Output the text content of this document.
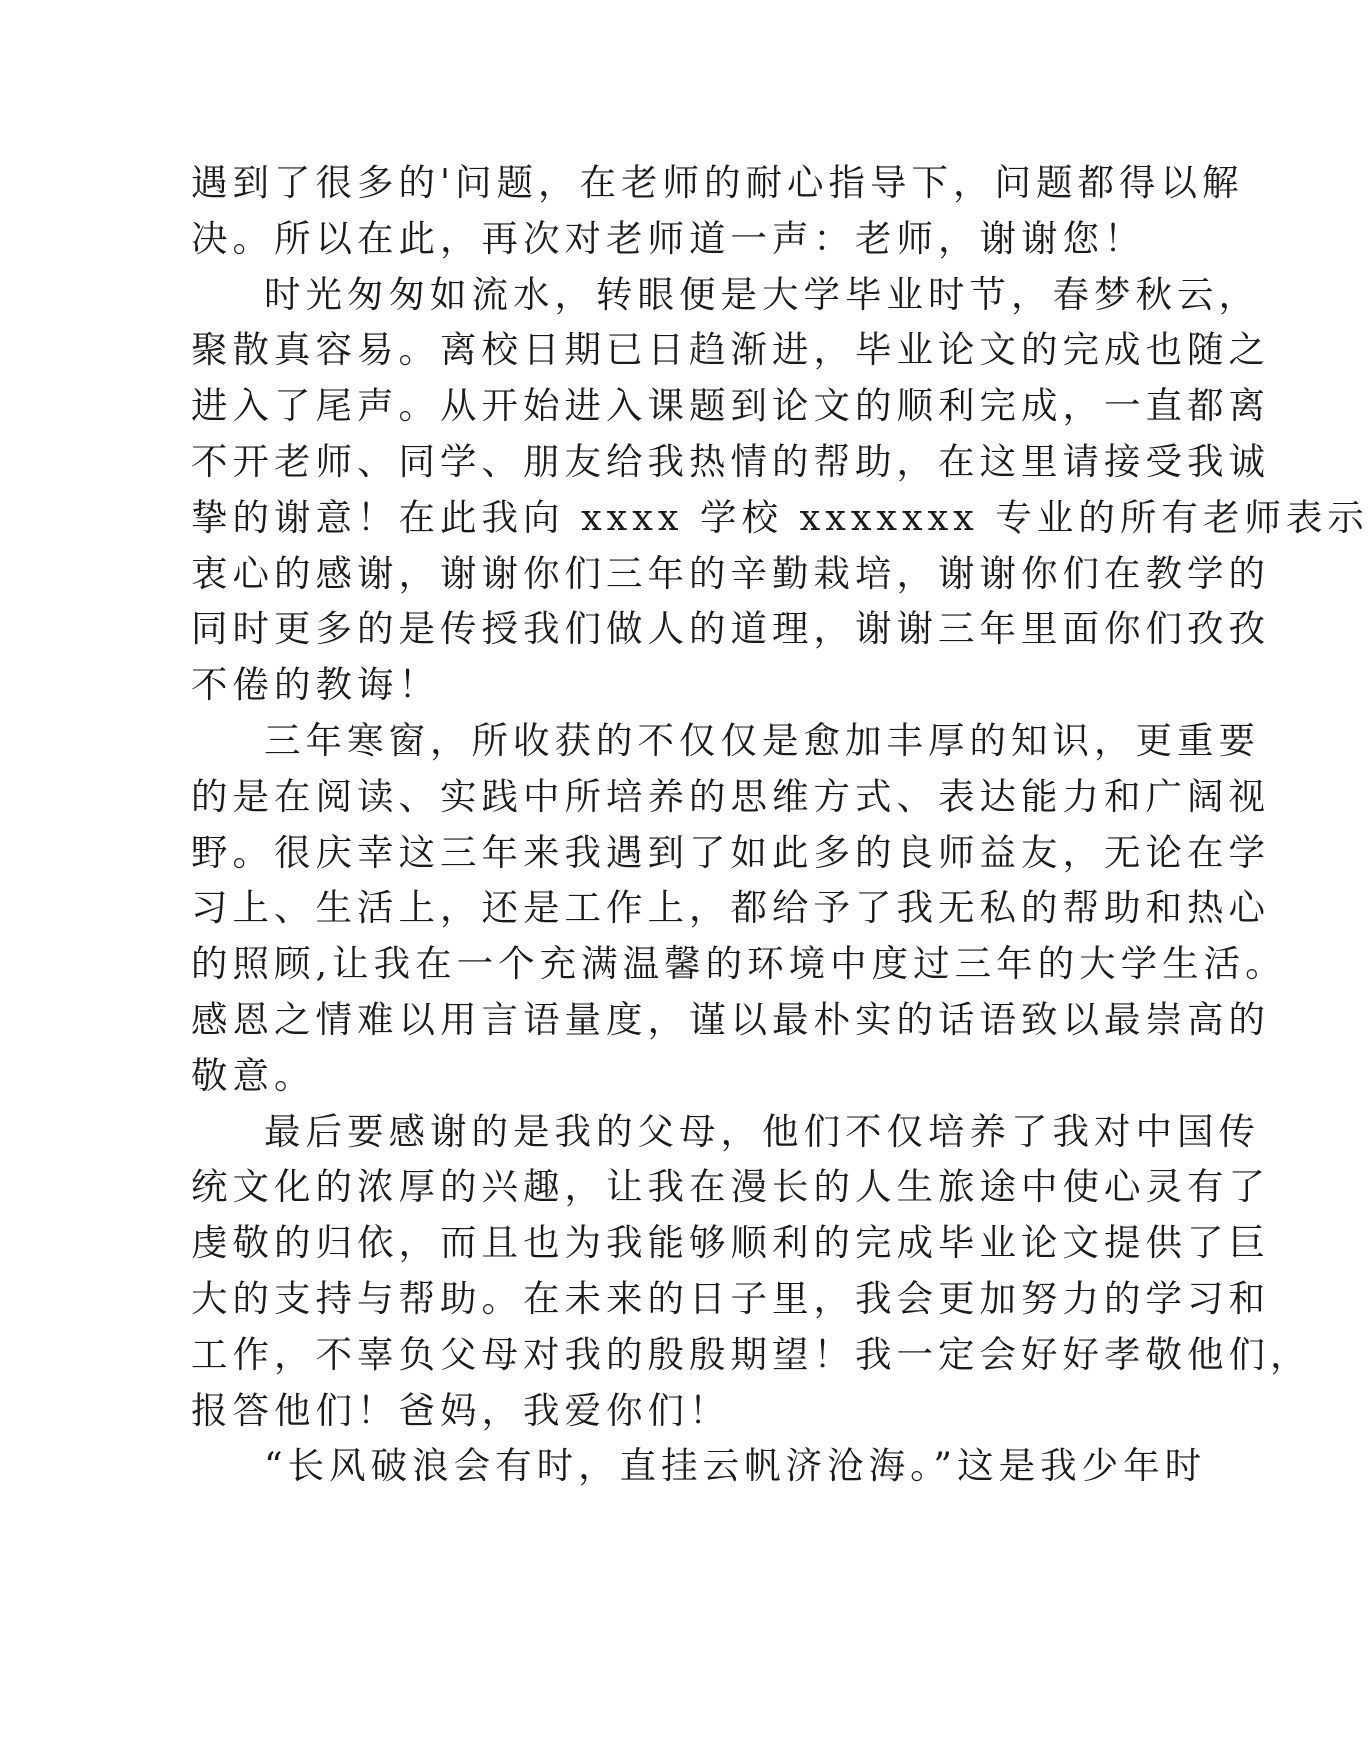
遇到了很多的'问题，在老师的耐心指导下，问题都得以解
决。所以在此，再次对老师道一声：老师，谢谢您！
时光匆匆如流水，转眼便是大学毕业时节，春梦秋云，
聚散真容易。离校日期已日趋渐进，毕业论文的完成也随之
进入了尾声。从开始进入课题到论文的顺利完成，一直都离
不开老师、同学、朋友给我热情的帮助，在这里请接受我诚
挚的谢意！在此我向 xxxx 学校 xxxxxxx 专业的所有老师表示
衷心的感谢，谢谢你们三年的辛勤栽培，谢谢你们在教学的
同时更多的是传授我们做人的道理，谢谢三年里面你们孜孜
不倦的教诲！
三年寒窗，所收获的不仅仅是愈加丰厚的知识，更重要
的是在阅读、实践中所培养的思维方式、表达能力和广阔视
野。很庆幸这三年来我遇到了如此多的良师益友，无论在学
习上、生活上，还是工作上，都给予了我无私的帮助和热心
的照顾,让我在一个充满温馨的环境中度过三年的大学生活。
感恩之情难以用言语量度，谨以最朴实的话语致以最崇高的
敬意。
最后要感谢的是我的父母，他们不仅培养了我对中国传
统文化的浓厚的兴趣，让我在漫长的人生旅途中使心灵有了
虔敬的归依，而且也为我能够顺利的完成毕业论文提供了巨
大的支持与帮助。在未来的日子里，我会更加努力的学习和
工作，不辜负父母对我的殷殷期望！我一定会好好孝敬他们，
报答他们！爸妈，我爱你们！
“长风破浪会有时，直挂云帆济沧海。”这是我少年时
